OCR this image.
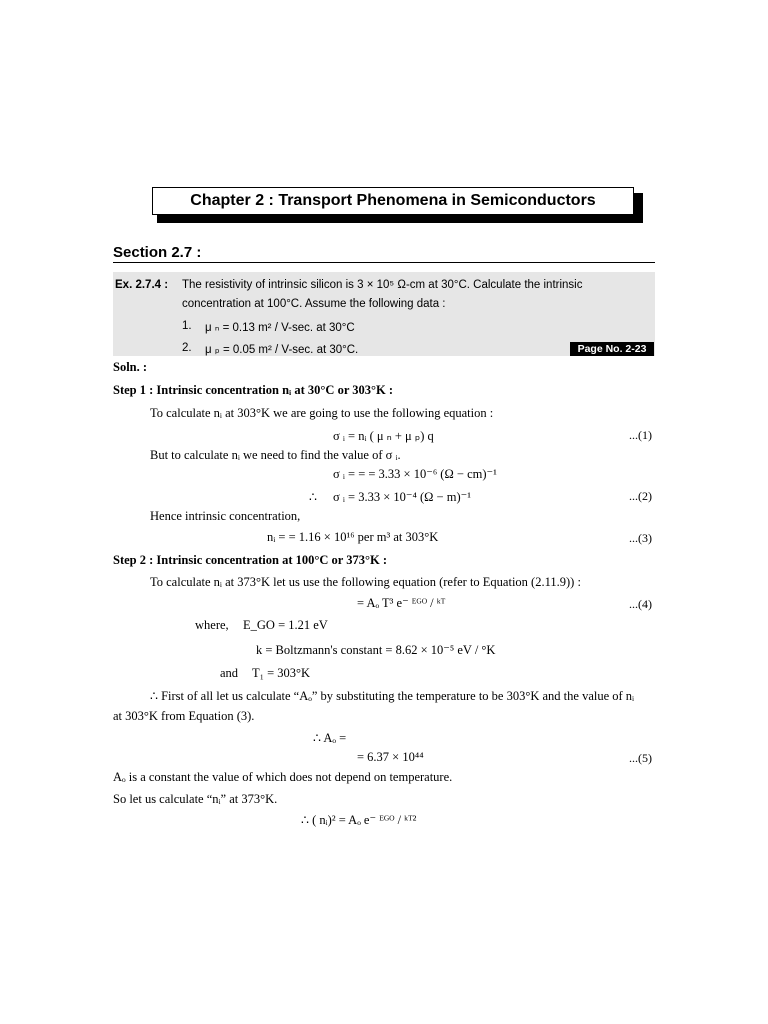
Chapter 2 : Transport Phenomena in Semiconductors
Section 2.7 :
Ex. 2.7.4 : The resistivity of intrinsic silicon is 3 × 10⁵ Ω-cm at 30°C. Calculate the intrinsic
concentration at 100°C. Assume the following data :
1. μ ₙ = 0.13 m² / V-sec. at 30°C
2. μ ₚ = 0.05 m² / V-sec. at 30°C.	Page No. 2-23
Soln. :
Step 1 : Intrinsic concentration nᵢ at 30°C or 303°K :
To calculate nᵢ at 303°K we are going to use the following equation :
σ ᵢ = nᵢ ( μ ₙ + μ ₚ) q	...(1)
But to calculate nᵢ we need to find the value of σ ᵢ.
σ ᵢ = = = 3.33 × 10⁻⁶ (Ω − cm)⁻¹
∴ σ ᵢ = 3.33 × 10⁻⁴ (Ω − m)⁻¹	...(2)
Hence intrinsic concentration,
nᵢ = = 1.16 × 10¹⁶ per m³ at 303°K	...(3)
Step 2 : Intrinsic concentration at 100°C or 373°K :
To calculate nᵢ at 373°K let us use the following equation (refer to Equation (2.11.9)) :
= Aₒ T³ e⁻ ᴱᴳᴼ / ᵏᵀ	...(4)
where, E_GO = 1.21 eV
k = Boltzmann's constant = 8.62 × 10⁻⁵ eV / °K
and T₁ = 303°K
∴ First of all let us calculate “Aₒ” by substituting the temperature to be 303°K and the value of nᵢ
at 303°K from Equation (3).
∴ Aₒ =
= 6.37 × 10⁴⁴	...(5)
Aₒ is a constant the value of which does not depend on temperature.
So let us calculate “nᵢ” at 373°K.
∴ ( nᵢ)² = Aₒ e⁻ ᴱᴳᴼ / ᵏᵀ²
